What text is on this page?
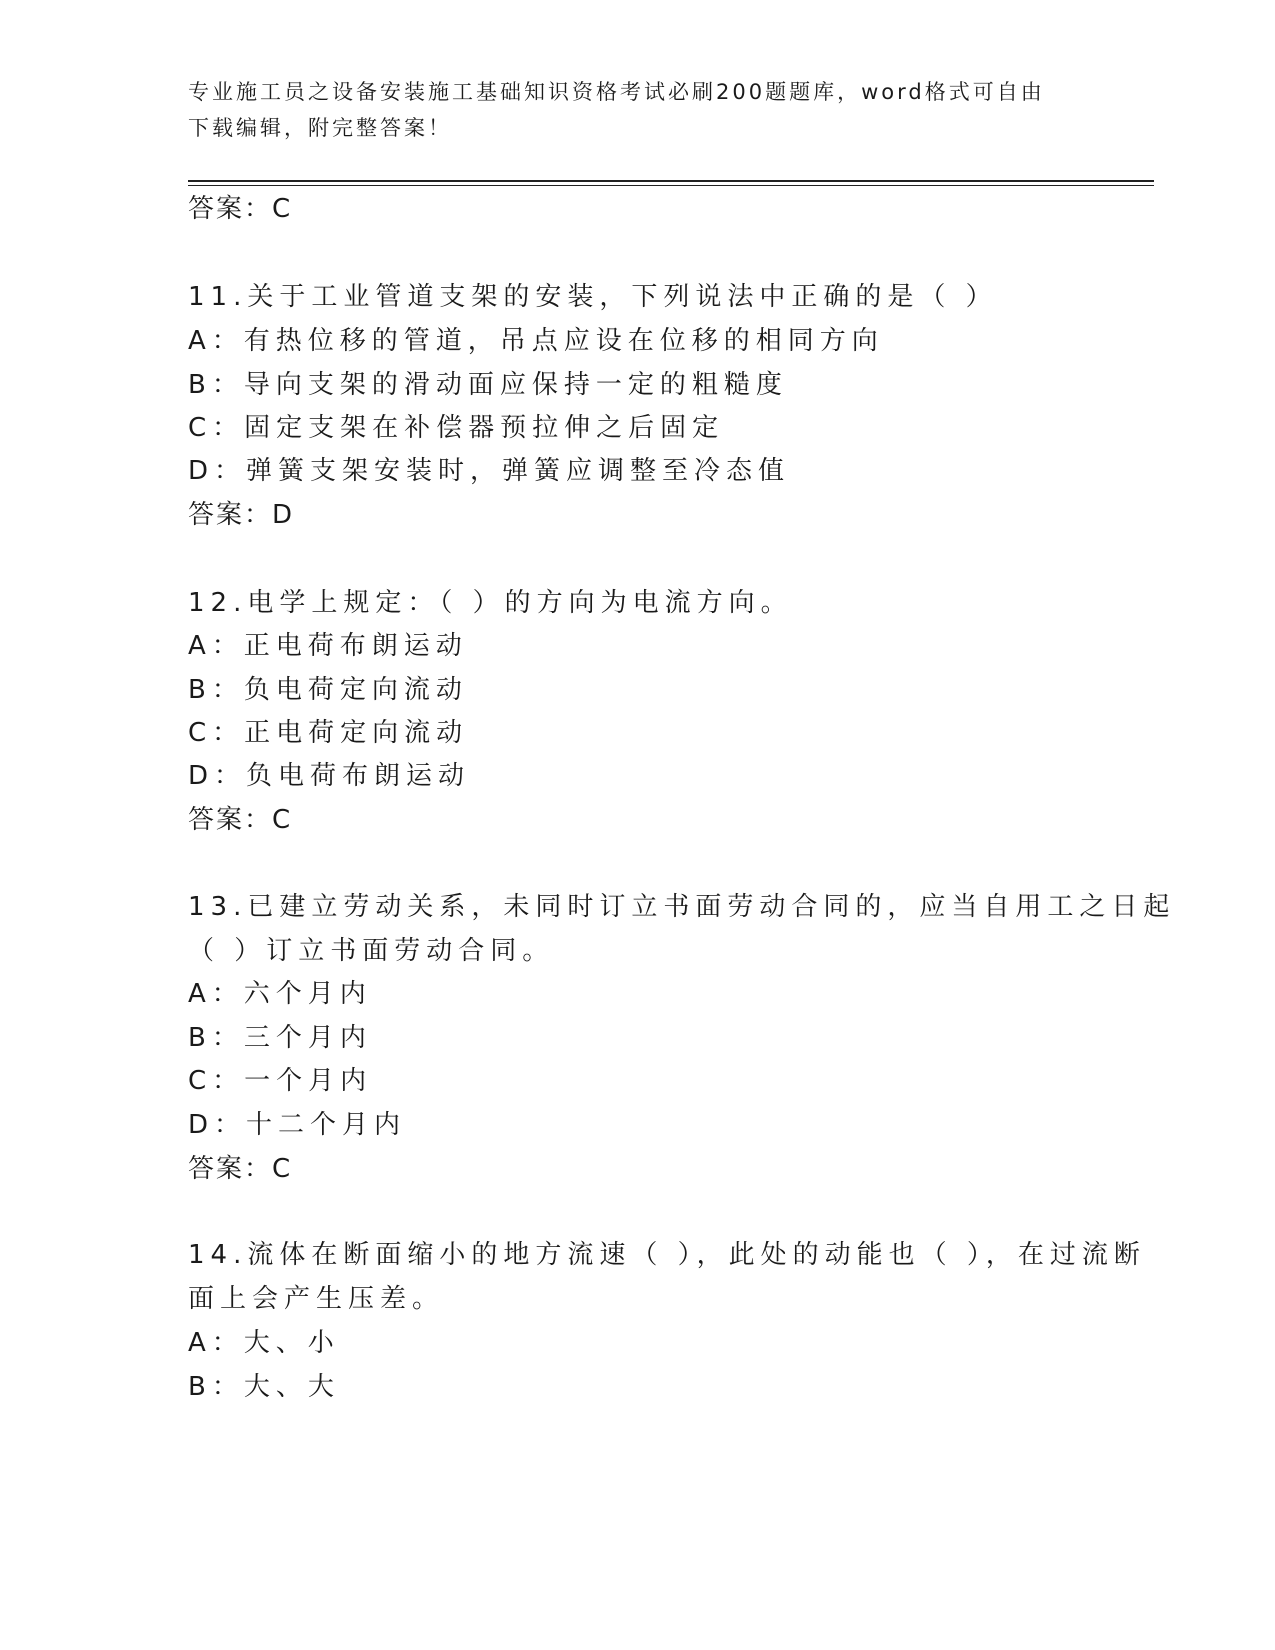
专业施工员之设备安装施工基础知识资格考试必刷200题题库，word格式可自由
下载编辑，附完整答案！
答案：C
11.关于工业管道支架的安装，下列说法中正确的是（ ）
A：有热位移的管道，吊点应设在位移的相同方向
B：导向支架的滑动面应保持一定的粗糙度
C：固定支架在补偿器预拉伸之后固定
D：弹簧支架安装时，弹簧应调整至冷态值
答案：D
12.电学上规定：（ ）的方向为电流方向。
A：正电荷布朗运动
B：负电荷定向流动
C：正电荷定向流动
D：负电荷布朗运动
答案：C
13.已建立劳动关系，未同时订立书面劳动合同的，应当自用工之日起
（ ）订立书面劳动合同。
A：六个月内
B：三个月内
C：一个月内
D：十二个月内
答案：C
14.流体在断面缩小的地方流速（ ），此处的动能也（ ），在过流断
面上会产生压差。
A：大、小
B：大、大
